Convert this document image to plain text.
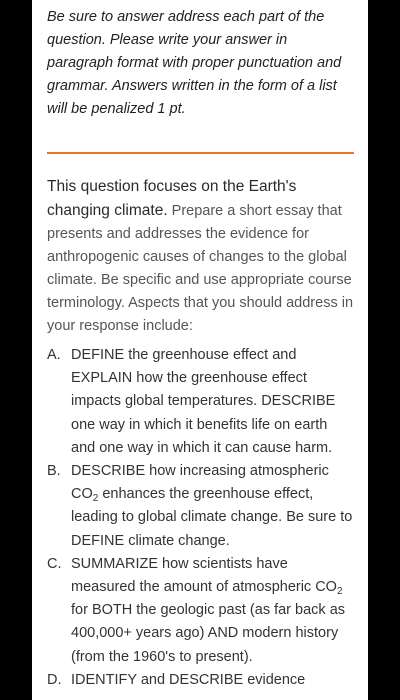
Be sure to answer address each part of the question. Please write your answer in paragraph format with proper punctuation and grammar. Answers written in the form of a list will be penalized 1 pt.

This question focuses on the Earth's changing climate. Prepare a short essay that presents and addresses the evidence for anthropogenic causes of changes to the global climate. Be specific and use appropriate course terminology. Aspects that you should address in your response include:
A. DEFINE the greenhouse effect and EXPLAIN how the greenhouse effect impacts global temperatures. DESCRIBE one way in which it benefits life on earth and one way in which it can cause harm.
B. DESCRIBE how increasing atmospheric $CO_2$ enhances the greenhouse effect, leading to global climate change. Be sure to DEFINE climate change.
C. SUMMARIZE how scientists have measured the amount of atmospheric $CO_2$ for BOTH the geologic past (as far back as 400,000+ years ago) AND modern history (from the 1960's to present).
D. IDENTIFY and DESCRIBE evidence
